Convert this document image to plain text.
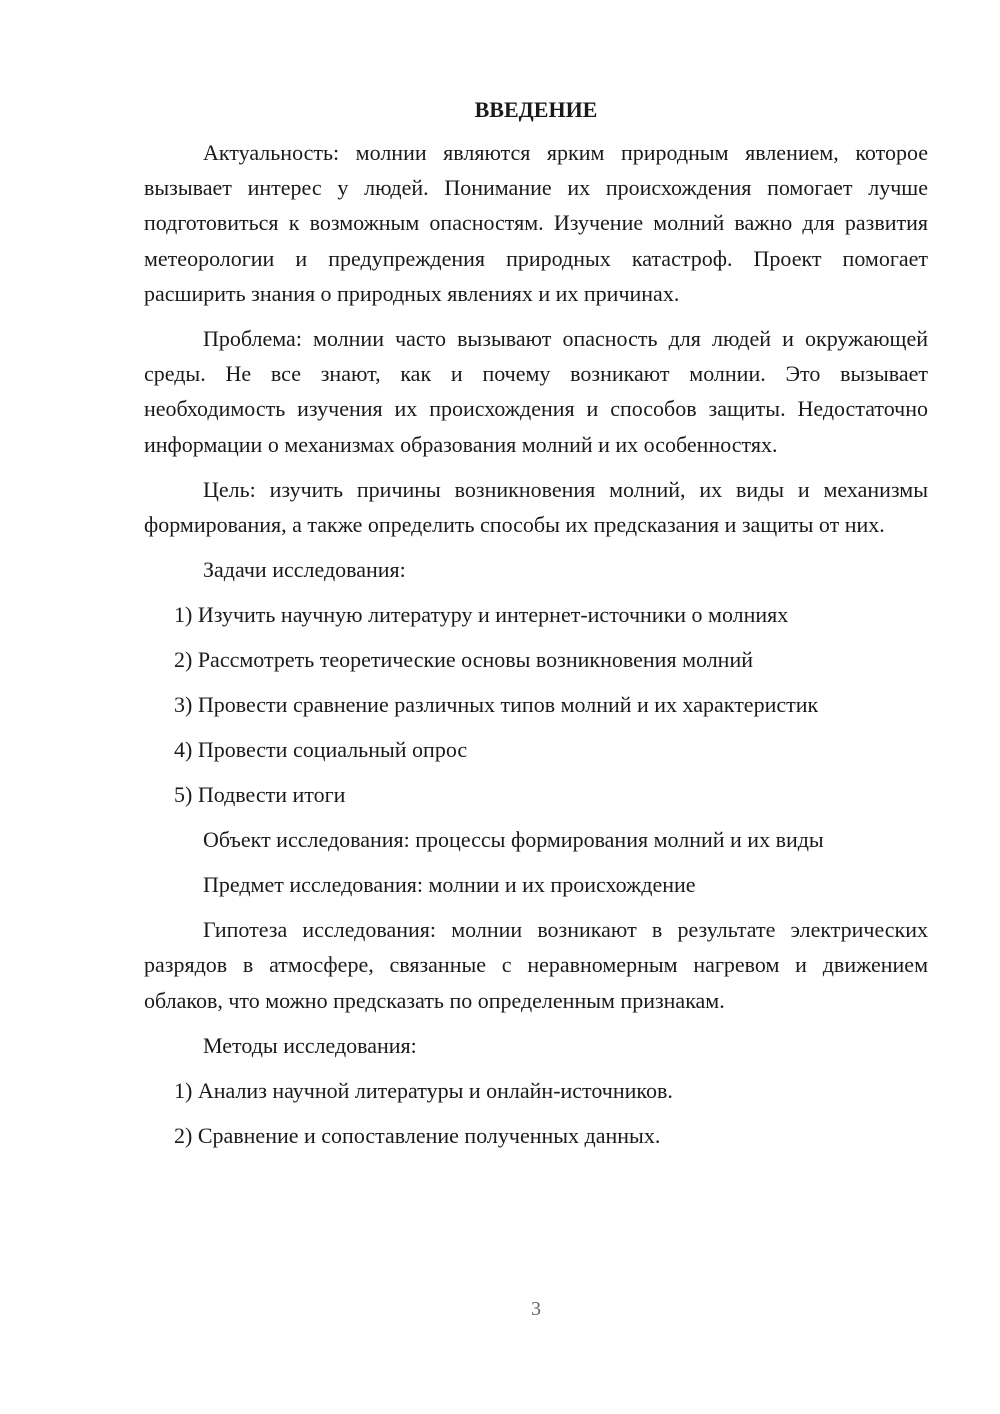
ВВЕДЕНИЕ

Актуальность: молнии являются ярким природным явлением, которое вызывает интерес у людей. Понимание их происхождения помогает лучше подготовиться к возможным опасностям. Изучение молний важно для развития метеорологии и предупреждения природных катастроф. Проект помогает расширить знания о природных явлениях и их причинах.

Проблема: молнии часто вызывают опасность для людей и окружающей среды. Не все знают, как и почему возникают молнии. Это вызывает необходимость изучения их происхождения и способов защиты. Недостаточно информации о механизмах образования молний и их особенностях.

Цель: изучить причины возникновения молний, их виды и механизмы формирования, а также определить способы их предсказания и защиты от них.

Задачи исследования:
1) Изучить научную литературу и интернет-источники о молниях
2) Рассмотреть теоретические основы возникновения молний
3) Провести сравнение различных типов молний и их характеристик
4) Провести социальный опрос
5) Подвести итоги
Объект исследования: процессы формирования молний и их виды
Предмет исследования: молнии и их происхождение

Гипотеза исследования: молнии возникают в результате электрических разрядов в атмосфере, связанные с неравномерным нагревом и движением облаков, что можно предсказать по определенным признакам.

Методы исследования:
1) Анализ научной литературы и онлайн-источников.
2) Сравнение и сопоставление полученных данных.
3
